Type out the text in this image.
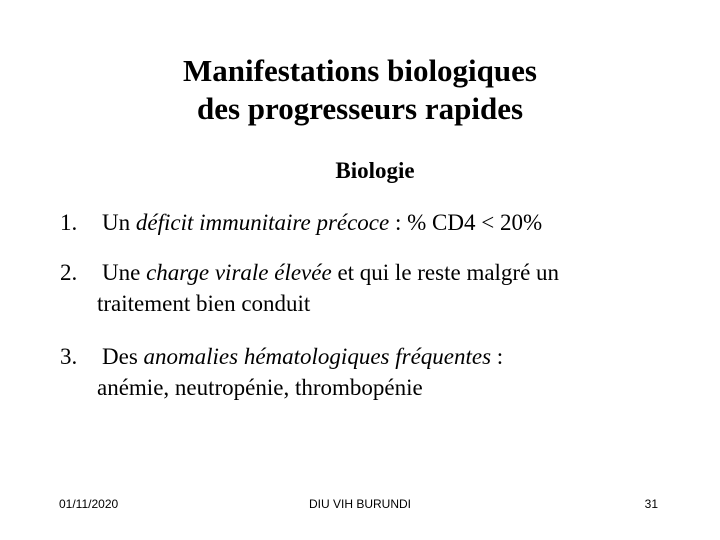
Manifestations biologiques
des progresseurs rapides
Biologie
1. Un déficit immunitaire précoce : % CD4 < 20%
2. Une charge virale élevée et qui le reste malgré un
traitement bien conduit
3. Des anomalies hématologiques fréquentes :
anémie, neutropénie, thrombopénie
01/11/2020	DIU VIH BURUNDI	31
